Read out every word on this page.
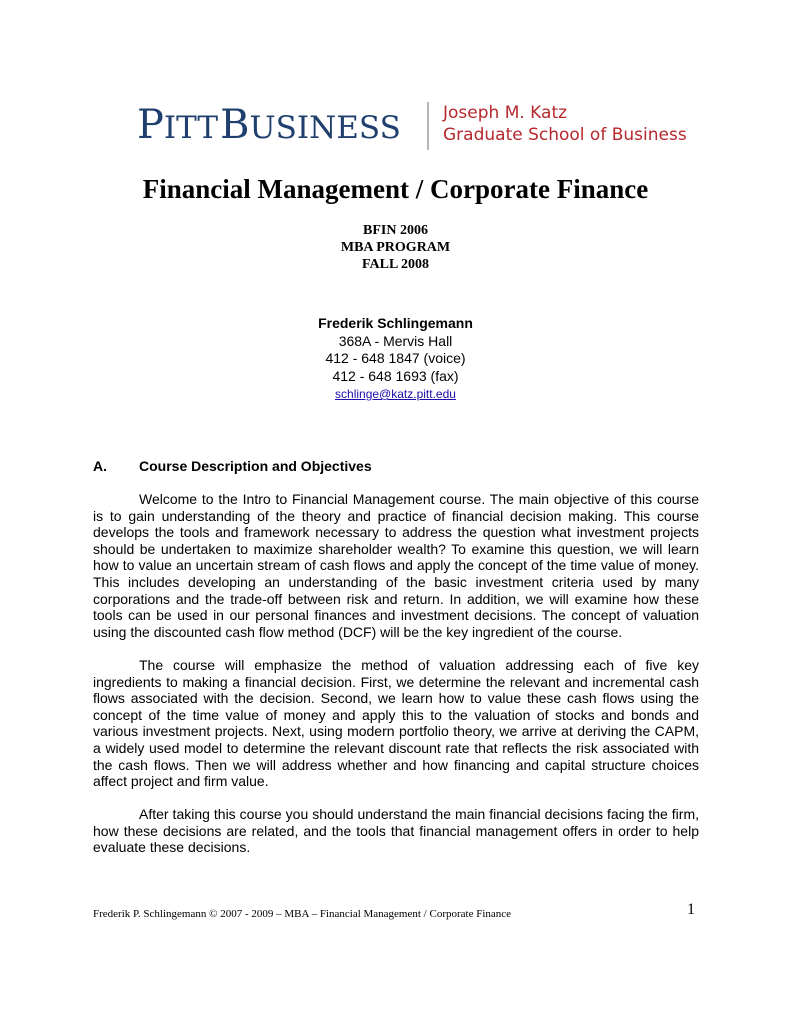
PITTBUSINESS Joseph M. Katz
Graduate School of Business
Financial Management / Corporate Finance
BFIN 2006
MBA PROGRAM
FALL 2008
Frederik Schlingemann
368A - Mervis Hall
412 - 648 1847 (voice)
412 - 648 1693 (fax)
schlinge@katz.pitt.edu
A. Course Description and Objectives

Welcome to the Intro to Financial Management course. The main objective of this course is to gain understanding of the theory and practice of financial decision making. This course develops the tools and framework necessary to address the question what investment projects should be undertaken to maximize shareholder wealth? To examine this question, we will learn how to value an uncertain stream of cash flows and apply the concept of the time value of money. This includes developing an understanding of the basic investment criteria used by many corporations and the trade-off between risk and return. In addition, we will examine how these tools can be used in our personal finances and investment decisions. The concept of valuation using the discounted cash flow method (DCF) will be the key ingredient of the course.

The course will emphasize the method of valuation addressing each of five key ingredients to making a financial decision. First, we determine the relevant and incremental cash flows associated with the decision. Second, we learn how to value these cash flows using the concept of the time value of money and apply this to the valuation of stocks and bonds and various investment projects. Next, using modern portfolio theory, we arrive at deriving the CAPM, a widely used model to determine the relevant discount rate that reflects the risk associated with the cash flows. Then we will address whether and how financing and capital structure choices affect project and firm value.

After taking this course you should understand the main financial decisions facing the firm, how these decisions are related, and the tools that financial management offers in order to help evaluate these decisions.

Frederik P. Schlingemann © 2007 - 2009 – MBA – Financial Management / Corporate Finance	1
